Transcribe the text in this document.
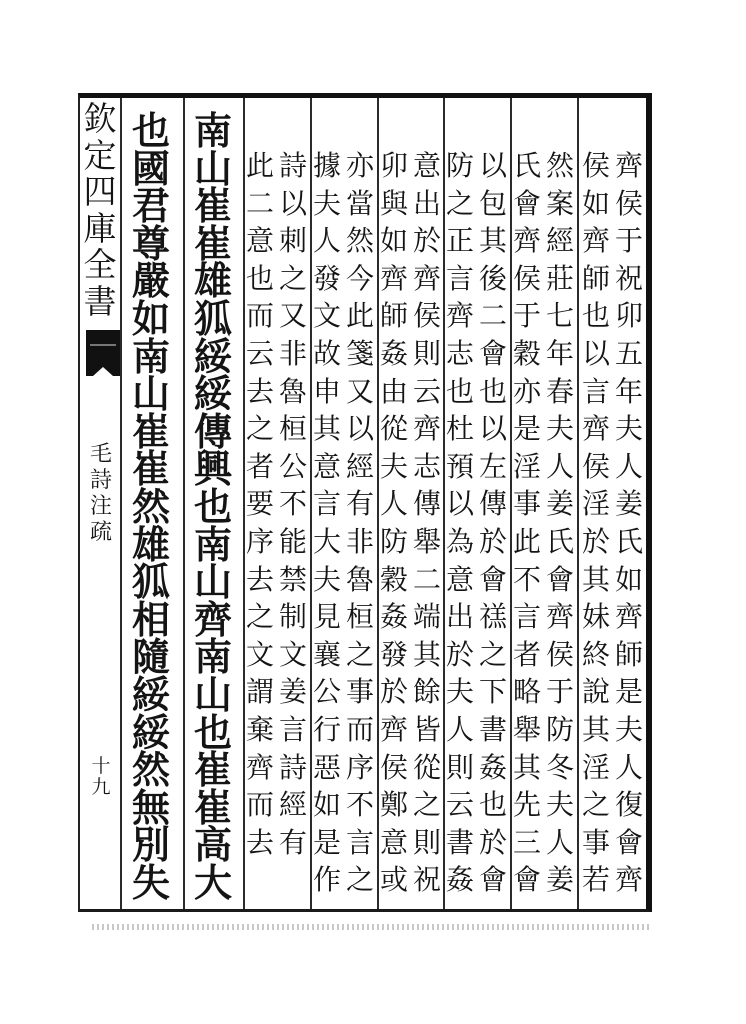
欽
定
四
庫
全
書
毛
詩
注
疏
十
九
齊
侯
于
祝
卯
五
年
夫
人
姜
氏
如
齊
師
是
夫
人
復
會
齊
侯
如
齊
師
也
以
言
齊
侯
淫
於
其
妹
終
說
其
淫
之
事
若
然
案
經
莊
七
年
春
夫
人
姜
氏
會
齊
侯
于
防
冬
夫
人
姜
氏
會
齊
侯
于
穀
亦
是
淫
事
此
不
言
者
略
舉
其
先
三
會
以
包
其
後
二
會
也
以
左
傳
於
會
禚
之
下
書
姦
也
於
會
防
之
正
言
齊
志
也
杜
預
以
為
意
出
於
夫
人
則
云
書
姦
意
出
於
齊
侯
則
云
齊
志
傳
舉
二
端
其
餘
皆
從
之
則
祝
卯
與
如
齊
師
姦
由
從
夫
人
防
穀
姦
發
於
齊
侯
鄭
意
或
亦
當
然
今
此
箋
又
以
經
有
非
魯
桓
之
事
而
序
不
言
之
據
夫
人
發
文
故
申
其
意
言
大
夫
見
襄
公
行
惡
如
是
作
詩
以
刺
之
又
非
魯
桓
公
不
能
禁
制
文
姜
言
詩
經
有
此
二
意
也
而
云
去
之
者
要
序
去
之
文
謂
棄
齊
而
去
南
山
崔
崔
雄
狐
綏
綏
傳
興
也
南
山
齊
南
山
也
崔
崔
高
大
也
國
君
尊
嚴
如
南
山
崔
崔
然
雄
狐
相
隨
綏
綏
然
無
別
失
